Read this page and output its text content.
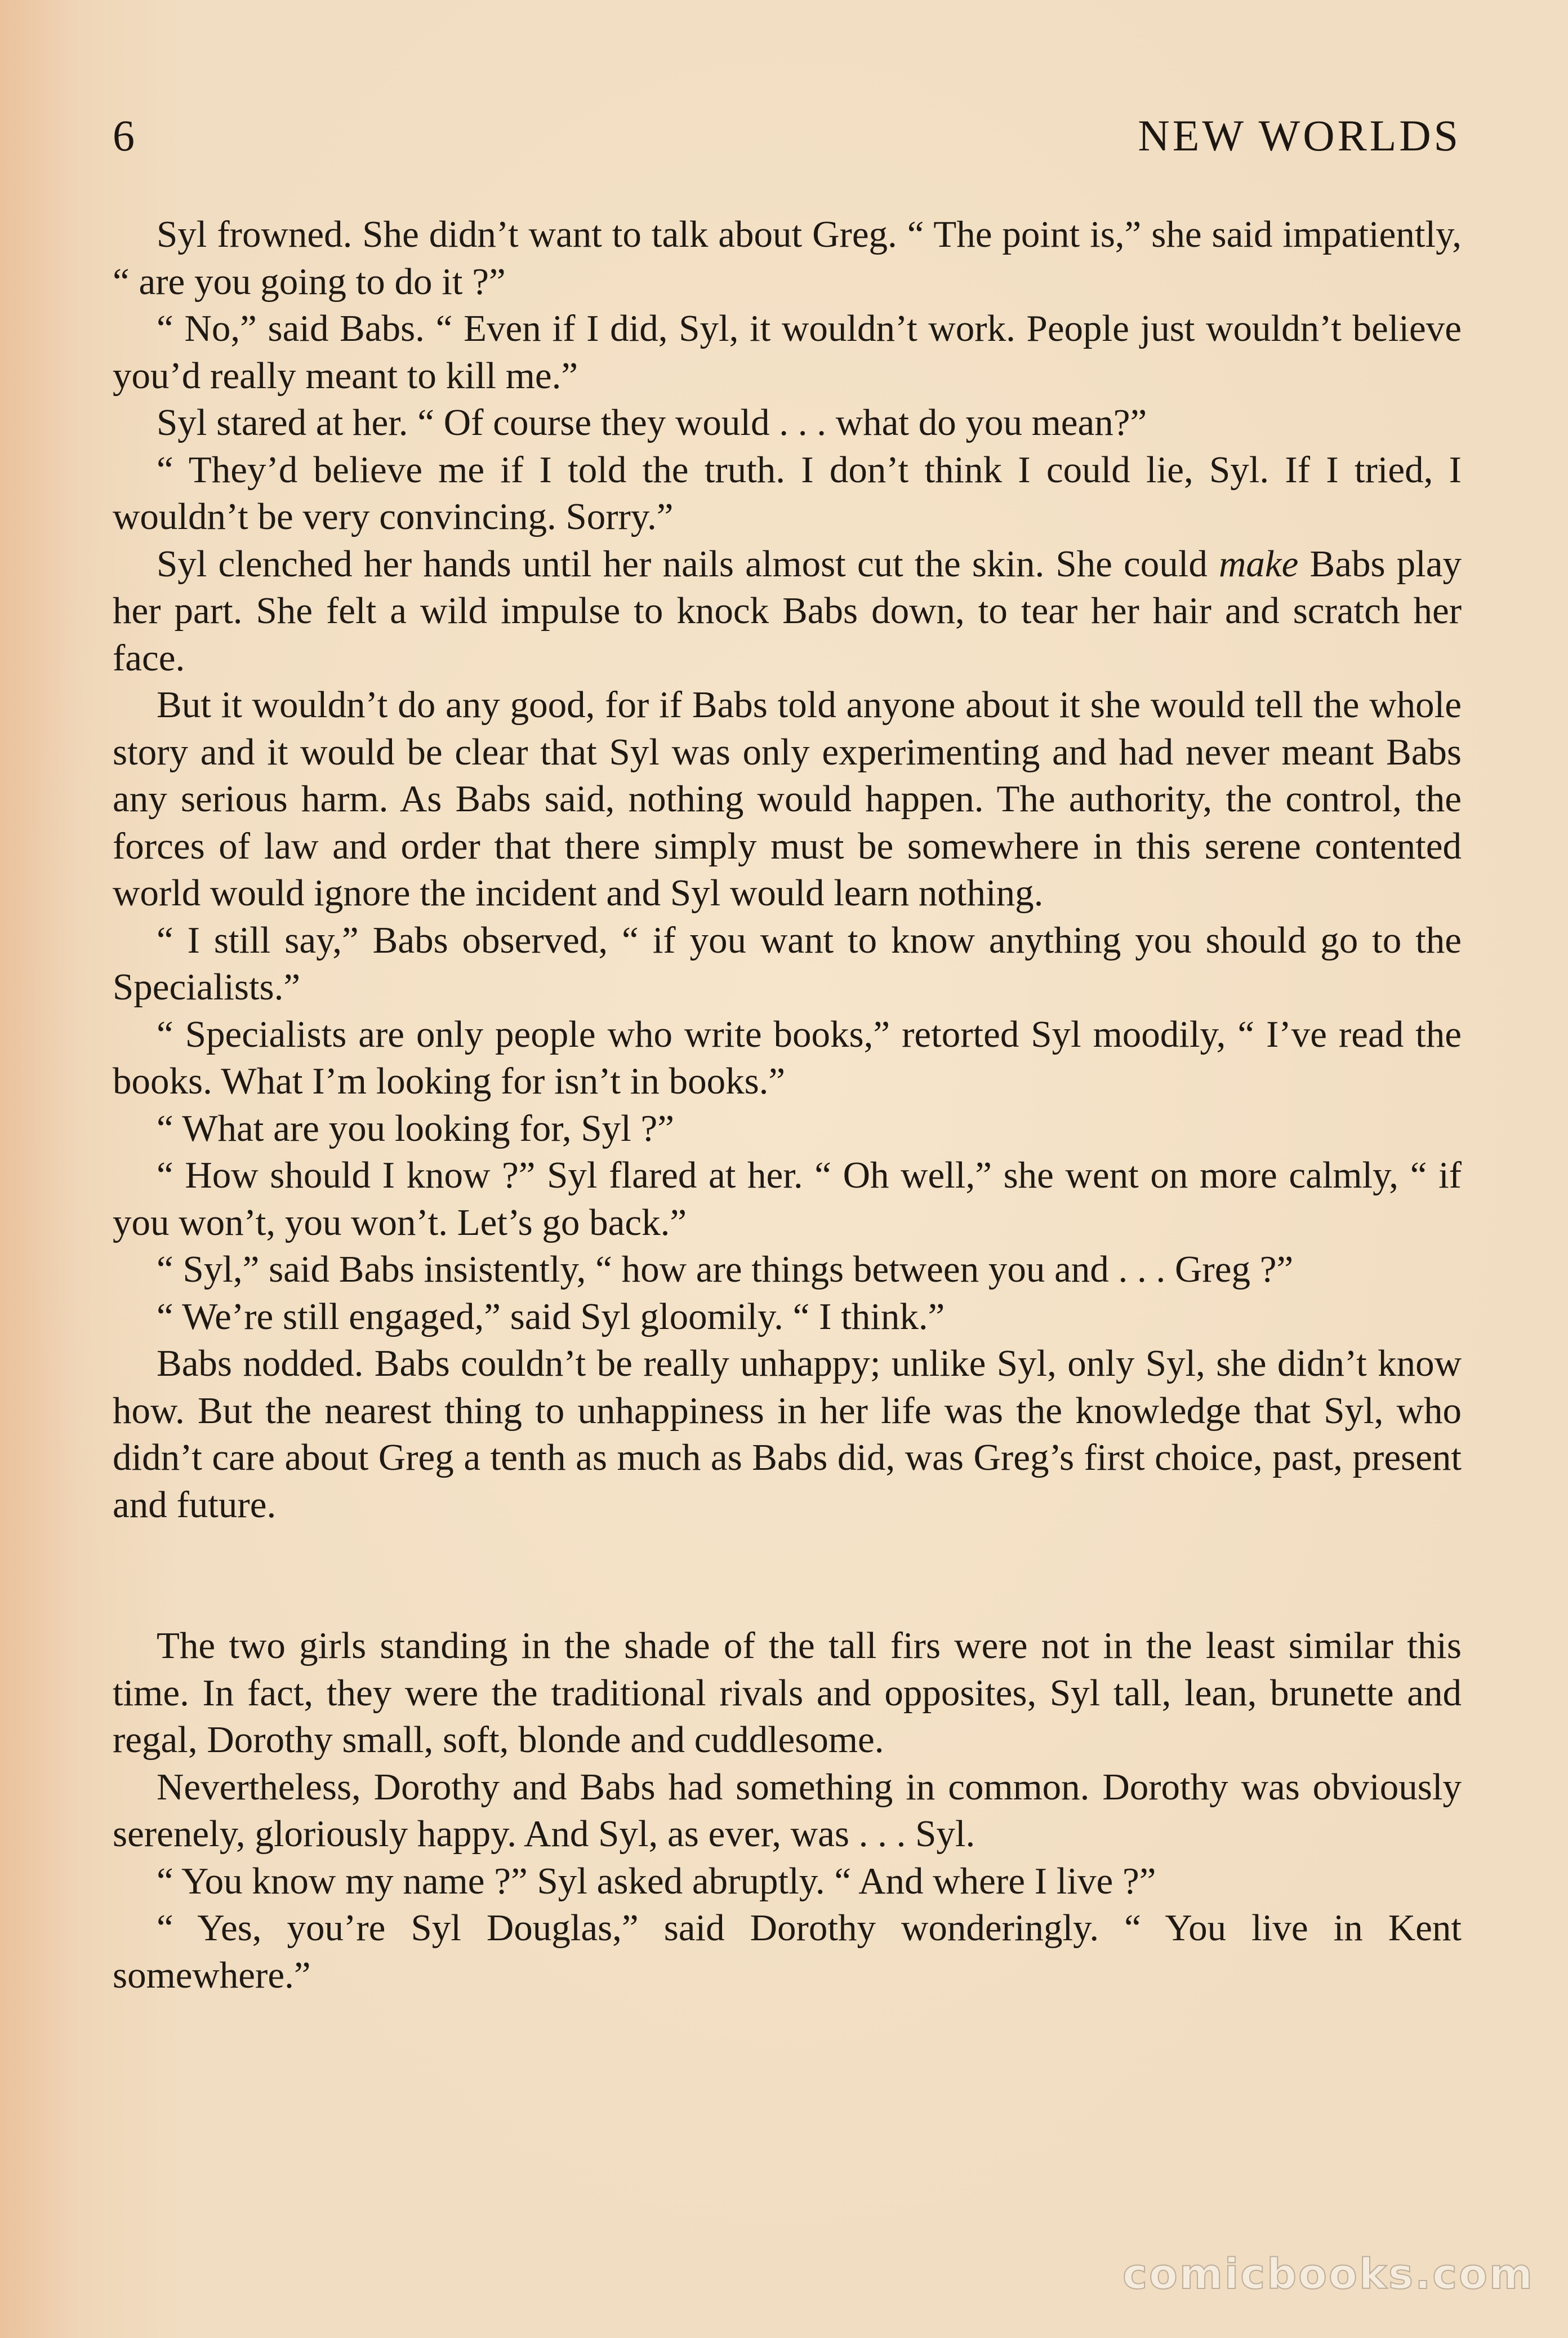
6	NEW WORLDS

Syl frowned. She didn’t want to talk about Greg. “ The point is,” she said impatiently, “ are you going to do it ?”

“ No,” said Babs. “ Even if I did, Syl, it wouldn’t work. People just wouldn’t believe you’d really meant to kill me.”

Syl stared at her. “ Of course they would . . . what do you mean?”

“ They’d believe me if I told the truth. I don’t think I could lie, Syl. If I tried, I wouldn’t be very convincing. Sorry.”

Syl clenched her hands until her nails almost cut the skin. She could make Babs play her part. She felt a wild impulse to knock Babs down, to tear her hair and scratch her face.

But it wouldn’t do any good, for if Babs told anyone about it she would tell the whole story and it would be clear that Syl was only experimenting and had never meant Babs any serious harm. As Babs said, nothing would happen. The authority, the control, the forces of law and order that there simply must be somewhere in this serene contented world would ignore the incident and Syl would learn nothing.

“ I still say,” Babs observed, “ if you want to know anything you should go to the Specialists.”

“ Specialists are only people who write books,” retorted Syl moodily, “ I’ve read the books. What I’m looking for isn’t in books.”

“ What are you looking for, Syl ?”

“ How should I know ?” Syl flared at her. “ Oh well,” she went on more calmly, “ if you won’t, you won’t. Let’s go back.”

“ Syl,” said Babs insistently, “ how are things between you and . . . Greg ?”

“ We’re still engaged,” said Syl gloomily. “ I think.”

Babs nodded. Babs couldn’t be really unhappy; unlike Syl, only Syl, she didn’t know how. But the nearest thing to unhappiness in her life was the knowledge that Syl, who didn’t care about Greg a tenth as much as Babs did, was Greg’s first choice, past, present and future.

The two girls standing in the shade of the tall firs were not in the least similar this time. In fact, they were the traditional rivals and opposites, Syl tall, lean, brunette and regal, Dorothy small, soft, blonde and cuddlesome.

Nevertheless, Dorothy and Babs had something in common. Dorothy was obviously serenely, gloriously happy. And Syl, as ever, was . . . Syl.

“ You know my name ?” Syl asked abruptly. “ And where I live ?”

“ Yes, you’re Syl Douglas,” said Dorothy wonderingly. “ You live in Kent somewhere.”

comicbooks.com
